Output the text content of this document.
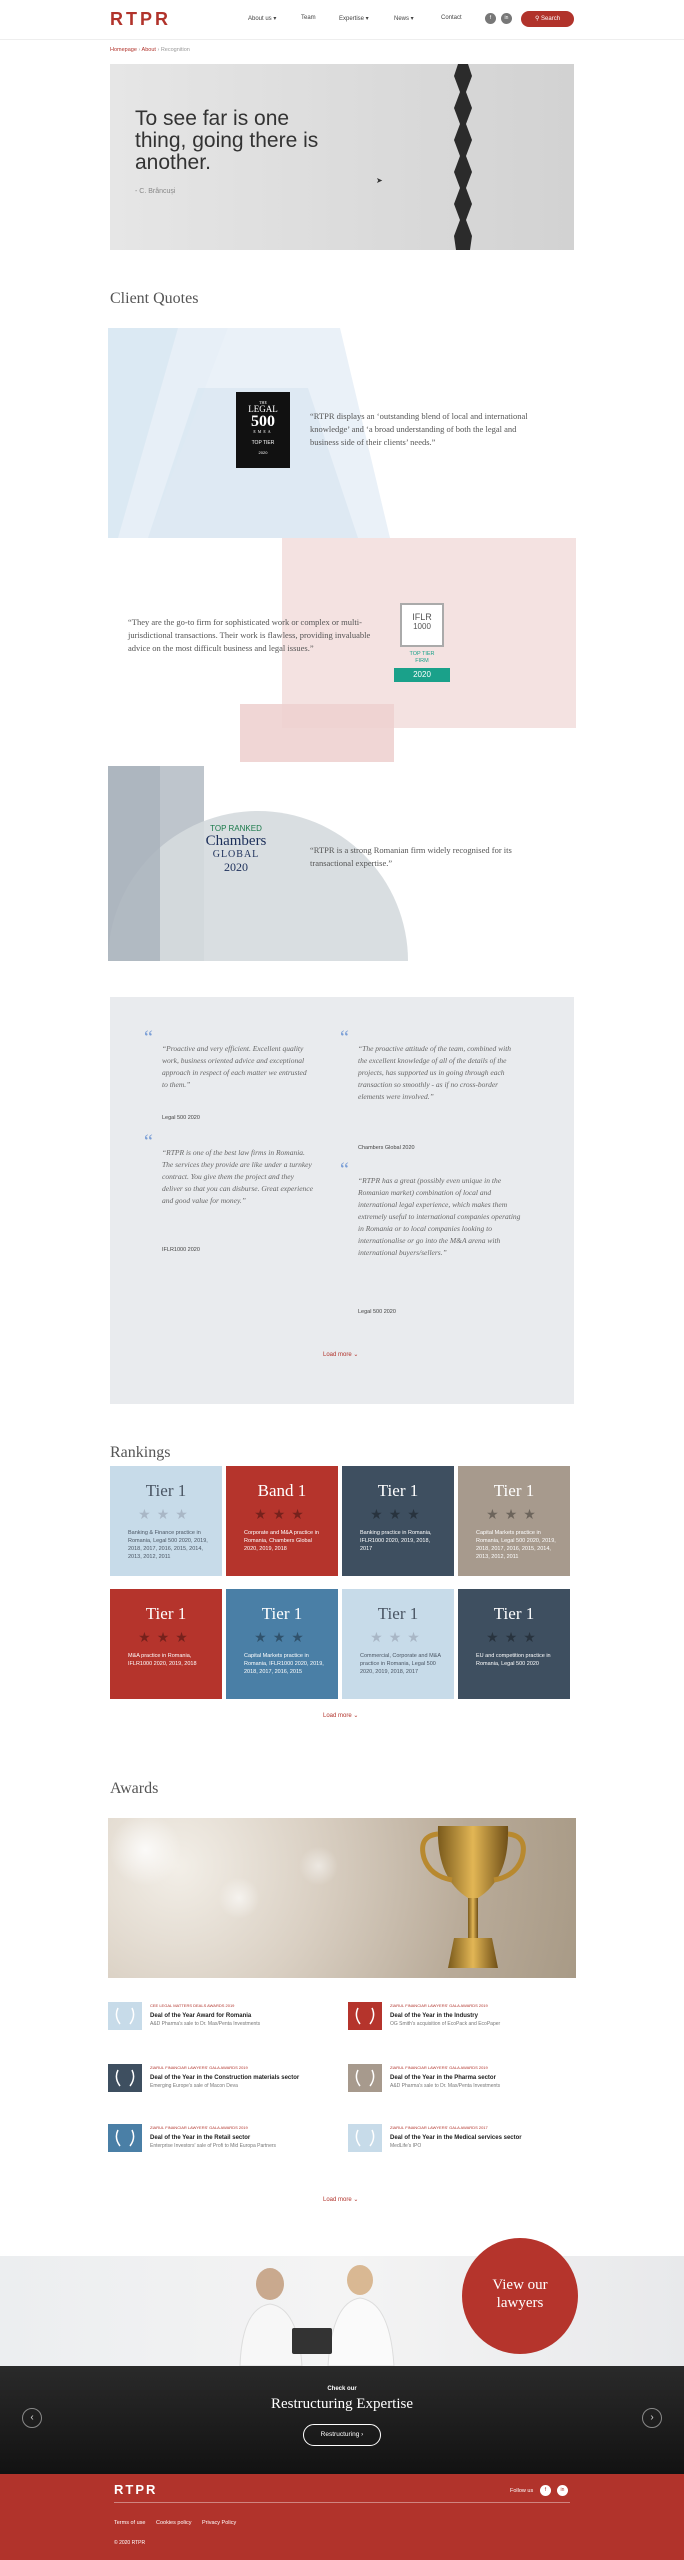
RTPR	About us ▾	Team	Expertise ▾	News ▾	Contact	f	in	⚲ Search
Homepage › About › Recognition
To see far is one thing, going there is another.
- C. Brâncuși
➤
Client Quotes
THE
LEGAL
500
EMEA
TOP TIER
2020
“RTPR displays an ‘outstanding blend of local and international knowledge’ and ‘a broad understanding of both the legal and business side of their clients’ needs.”
IFLR
1000
TOP TIER FIRM
2020
“They are the go-to firm for sophisticated work or complex or multi-jurisdictional transactions. Their work is flawless, providing invaluable advice on the most difficult business and legal issues.”
TOP RANKED
Chambers
GLOBAL
2020
“RTPR is a strong Romanian firm widely recognised for its transactional expertise.”
“ “Proactive and very efficient. Excellent quality work, business oriented advice and exceptional approach in respect of each matter we entrusted to them.”
Legal 500 2020
“ “The proactive attitude of the team, combined with the excellent knowledge of all of the details of the projects, has supported us in going through each transaction so smoothly - as if no cross-border elements were involved.”
Chambers Global 2020
“ “RTPR is one of the best law firms in Romania. The services they provide are like under a turnkey contract. You give them the project and they deliver so that you can disburse. Great experience and good value for money.”
IFLR1000 2020
“ “RTPR has a great (possibly even unique in the Romanian market) combination of local and international legal experience, which makes them extremely useful to international companies operating in Romania or to local companies looking to internationalise or go into the M&A arena with international buyers/sellers.”
Legal 500 2020
Load more ⌄
Rankings
Tier 1
★★★
Banking & Finance practice in Romania, Legal 500 2020, 2019, 2018, 2017, 2016, 2015, 2014, 2013, 2012, 2011
Band 1
★★★
Corporate and M&A practice in Romania, Chambers Global 2020, 2019, 2018
Tier 1
★★★
Banking practice in Romania, IFLR1000 2020, 2019, 2018, 2017
Tier 1
★★★
Capital Markets practice in Romania, Legal 500 2020, 2019, 2018, 2017, 2016, 2015, 2014, 2013, 2012, 2011
Tier 1
★★★
M&A practice in Romania, IFLR1000 2020, 2019, 2018
Tier 1
★★★
Capital Markets practice in Romania, IFLR1000 2020, 2019, 2018, 2017, 2016, 2015
Tier 1
★★★
Commercial, Corporate and M&A practice in Romania, Legal 500 2020, 2019, 2018, 2017
Tier 1
★★★
EU and competition practice in Romania, Legal 500 2020
Load more ⌄
Awards
CEE LEGAL MATTERS DEALS AWARDS 2019
Deal of the Year Award for Romania
A&D Pharma's sale to Dr. Max/Penta Investments
ZIARUL FINANCIAR LAWYERS' GALA AWARDS 2019
Deal of the Year in the Industry
OG Smith's acquisition of EcoPack and EcoPaper
ZIARUL FINANCIAR LAWYERS' GALA AWARDS 2019
Deal of the Year in the Construction materials sector
Emerging Europe's sale of Macon Deva
ZIARUL FINANCIAR LAWYERS' GALA AWARDS 2019
Deal of the Year in the Pharma sector
A&D Pharma's sale to Dr. Max/Penta Investments
ZIARUL FINANCIAR LAWYERS' GALA AWARDS 2019
Deal of the Year in the Retail sector
Enterprise Investors' sale of Profi to Mid Europa Partners
ZIARUL FINANCIAR LAWYERS' GALA AWARDS 2017
Deal of the Year in the Medical services sector
MedLife's IPO
Load more ⌄
View our lawyers
‹	›
Check our
Restructuring Expertise
Restructuring ›
RTPR	Follow us	f	in
Terms of use Cookies policy Privacy Policy
© 2020 RTPR
